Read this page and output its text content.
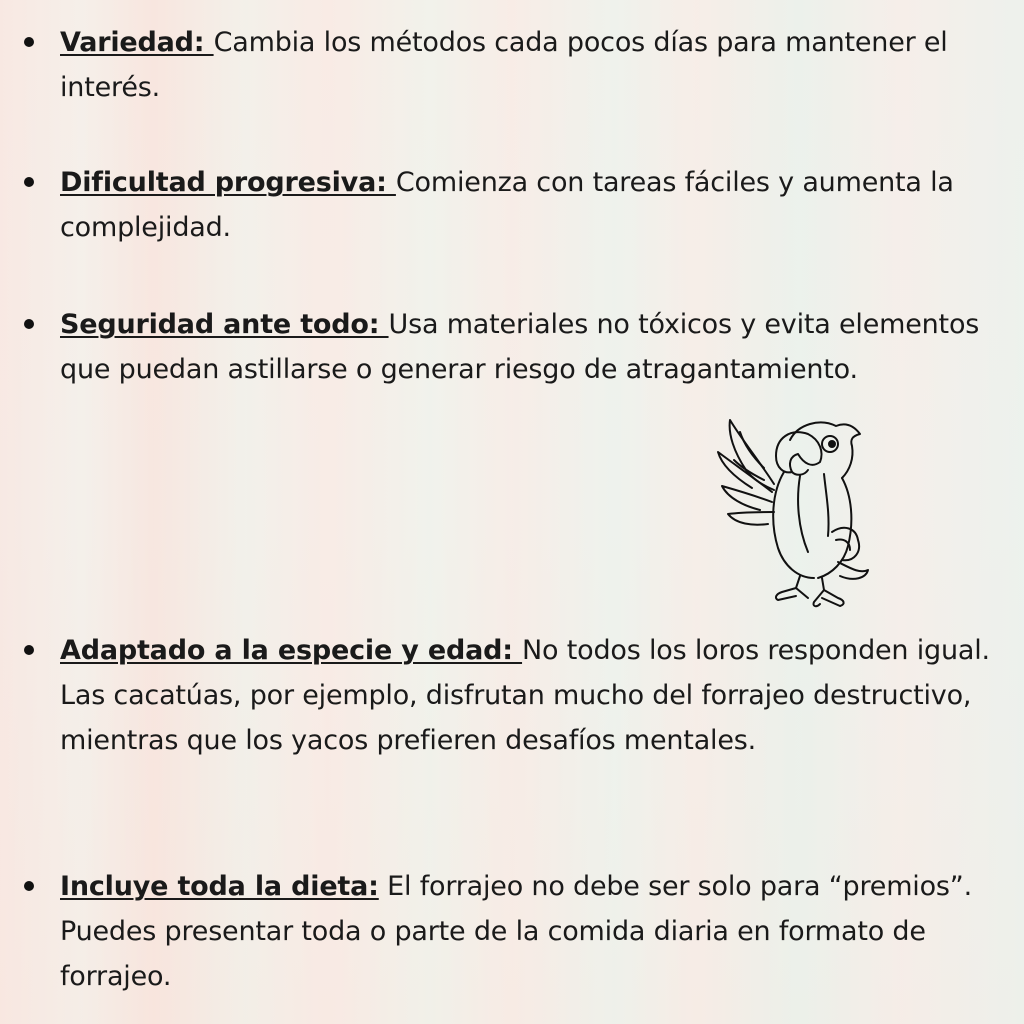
Variedad: Cambia los métodos cada pocos días para mantener el interés.
Dificultad progresiva: Comienza con tareas fáciles y aumenta la complejidad.
Seguridad ante todo: Usa materiales no tóxicos y evita elementos que puedan astillarse o generar riesgo de atragantamiento.
Adaptado a la especie y edad: No todos los loros responden igual. Las cacatúas, por ejemplo, disfrutan mucho del forrajeo destructivo, mientras que los yacos prefieren desafíos mentales.
Incluye toda la dieta: El forrajeo no debe ser solo para “premios”. Puedes presentar toda o parte de la comida diaria en formato de forrajeo.
